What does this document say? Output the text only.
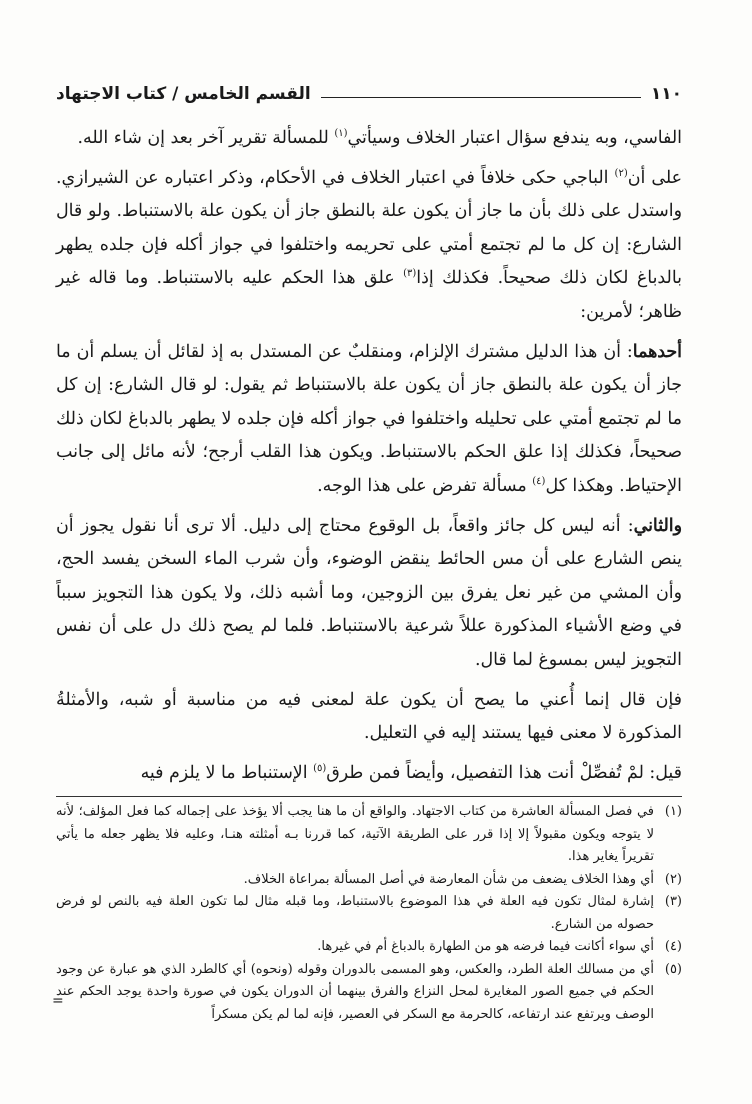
١١٠
القسم الخامس / كتاب الاجتهاد

الفاسي، وبه يندفع سؤال اعتبار الخلاف وسيأتي$^{(١)}$ للمسألة تقرير آخر بعد إن شاء الله.

على أن$^{(٢)}$ الباجي حكى خلافاً في اعتبار الخلاف في الأحكام، وذكر اعتباره عن الشيرازي. واستدل على ذلك بأن ما جاز أن يكون علة بالنطق جاز أن يكون علة بالاستنباط. ولو قال الشارع: إن كل ما لم تجتمع أمتي على تحريمه واختلفوا في جواز أكله فإن جلده يطهر بالدباغ لكان ذلك صحيحاً. فكذلك إذا$^{(٣)}$ علق هذا الحكم عليه بالاستنباط. وما قاله غير ظاهر؛ لأمرين:

أحدهما: أن هذا الدليل مشترك الإلزام، ومنقلبٌ عن المستدل به إذ لقائل أن يسلم أن ما جاز أن يكون علة بالنطق جاز أن يكون علة بالاستنباط ثم يقول: لو قال الشارع: إن كل ما لم تجتمع أمتي على تحليله واختلفوا في جواز أكله فإن جلده لا يطهر بالدباغ لكان ذلك صحيحاً، فكذلك إذا علق الحكم بالاستنباط. ويكون هذا القلب أرجح؛ لأنه مائل إلى جانب الإحتياط. وهكذا كل$^{(٤)}$ مسألة تفرض على هذا الوجه.

والثاني: أنه ليس كل جائز واقعاً، بل الوقوع محتاج إلى دليل. ألا ترى أنا نقول يجوز أن ينص الشارع على أن مس الحائط ينقض الوضوء، وأن شرب الماء السخن يفسد الحج، وأن المشي من غير نعل يفرق بين الزوجين، وما أشبه ذلك، ولا يكون هذا التجويز سبباً في وضع الأشياء المذكورة عللاً شرعية بالاستنباط. فلما لم يصح ذلك دل على أن نفس التجويز ليس بمسوغ لما قال.

فإن قال إنما أُعني ما يصح أن يكون علة لمعنى فيه من مناسبة أو شبه، والأمثلةُ المذكورة لا معنى فيها يستند إليه في التعليل.

قيل: لمْ تُفصِّلْ أنت هذا التفصيل، وأيضاً فمن طرق$^{(٥)}$ الإستنباط ما لا يلزم فيه

(١)
في فصل المسألة العاشرة من كتاب الاجتهاد. والواقع أن ما هنا يجب ألا يؤخذ على إجماله كما فعل المؤلف؛ لأنه لا يتوجه ويكون مقبولاً إلا إذا قرر على الطريقة الآتية، كما قررنا بـه أمثلته هنـا، وعليه فلا يظهر جعله ما يأتي تقريراً يغاير هذا.
(٢)
أي وهذا الخلاف يضعف من شأن المعارضة في أصل المسألة بمراعاة الخلاف.
(٣)
إشارة لمثال تكون فيه العلة في هذا الموضوع بالاستنباط، وما قبله مثال لما تكون العلة فيه بالنص لو فرض حصوله من الشارع.
(٤)
أي سواء أكانت فيما فرضه هو من الطهارة بالدباغ أم في غيرها.
(٥)
أي من مسالك العلة الطرد، والعكس، وهو المسمى بالدوران وقوله (ونحوه) أي كالطرد الذي هو عبارة عن وجود الحكم في جميع الصور المغايرة لمحل النزاع والفرق بينهما أن الدوران يكون في صورة واحدة يوجد الحكم عند الوصف ويرتفع عند ارتفاعه، كالحرمة مع السكر في العصير، فإنه لما لم يكن مسكراً
=
